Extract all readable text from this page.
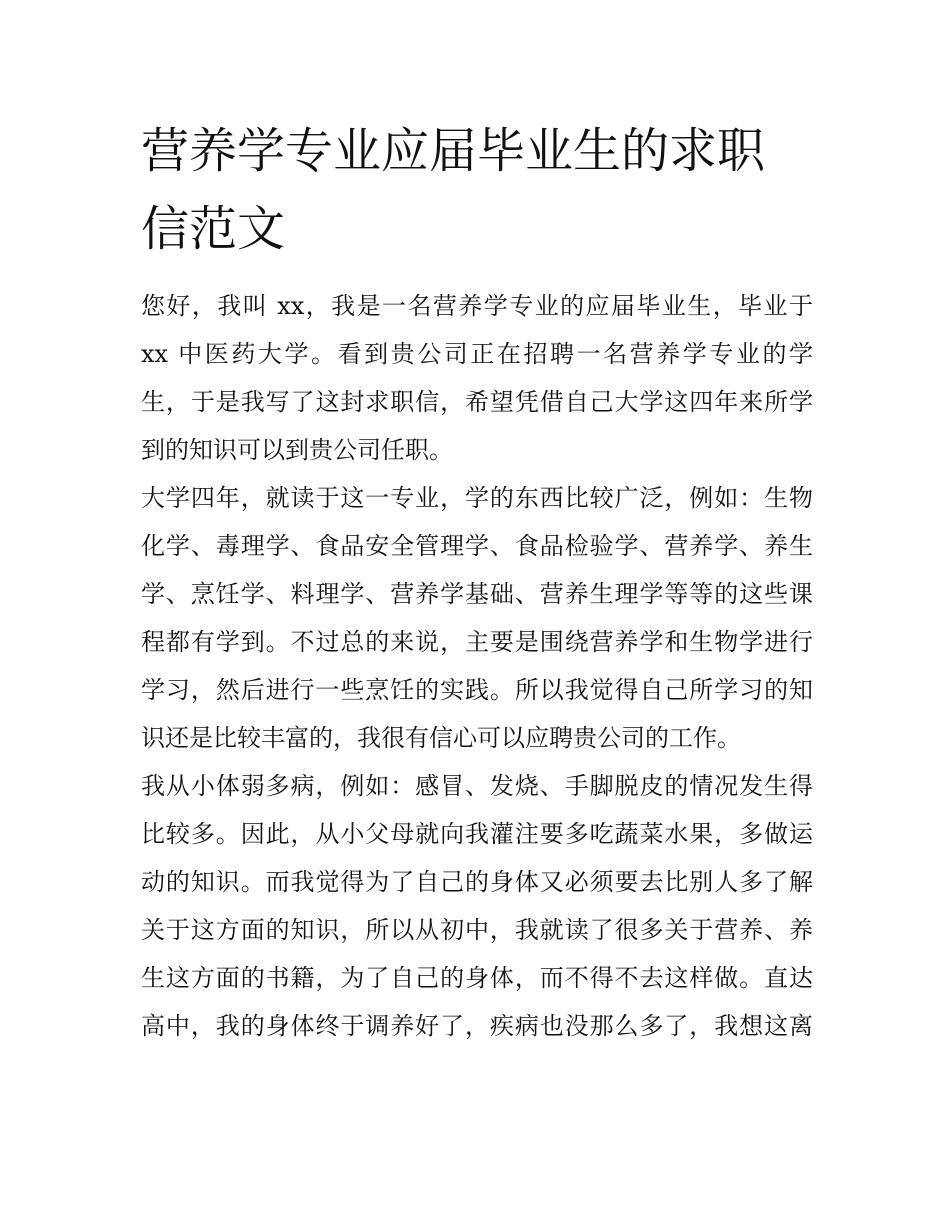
营养学专业应届毕业生的求职
信范文
您好，我叫 xx，我是一名营养学专业的应届毕业生，毕业于
xx 中医药大学。看到贵公司正在招聘一名营养学专业的学
生，于是我写了这封求职信，希望凭借自己大学这四年来所学
到的知识可以到贵公司任职。
大学四年，就读于这一专业，学的东西比较广泛，例如：生物
化学、毒理学、食品安全管理学、食品检验学、营养学、养生
学、烹饪学、料理学、营养学基础、营养生理学等等的这些课
程都有学到。不过总的来说，主要是围绕营养学和生物学进行
学习，然后进行一些烹饪的实践。所以我觉得自己所学习的知
识还是比较丰富的，我很有信心可以应聘贵公司的工作。
我从小体弱多病，例如：感冒、发烧、手脚脱皮的情况发生得
比较多。因此，从小父母就向我灌注要多吃蔬菜水果，多做运
动的知识。而我觉得为了自己的身体又必须要去比别人多了解
关于这方面的知识，所以从初中，我就读了很多关于营养、养
生这方面的书籍，为了自己的身体，而不得不去这样做。直达
高中，我的身体终于调养好了，疾病也没那么多了，我想这离
